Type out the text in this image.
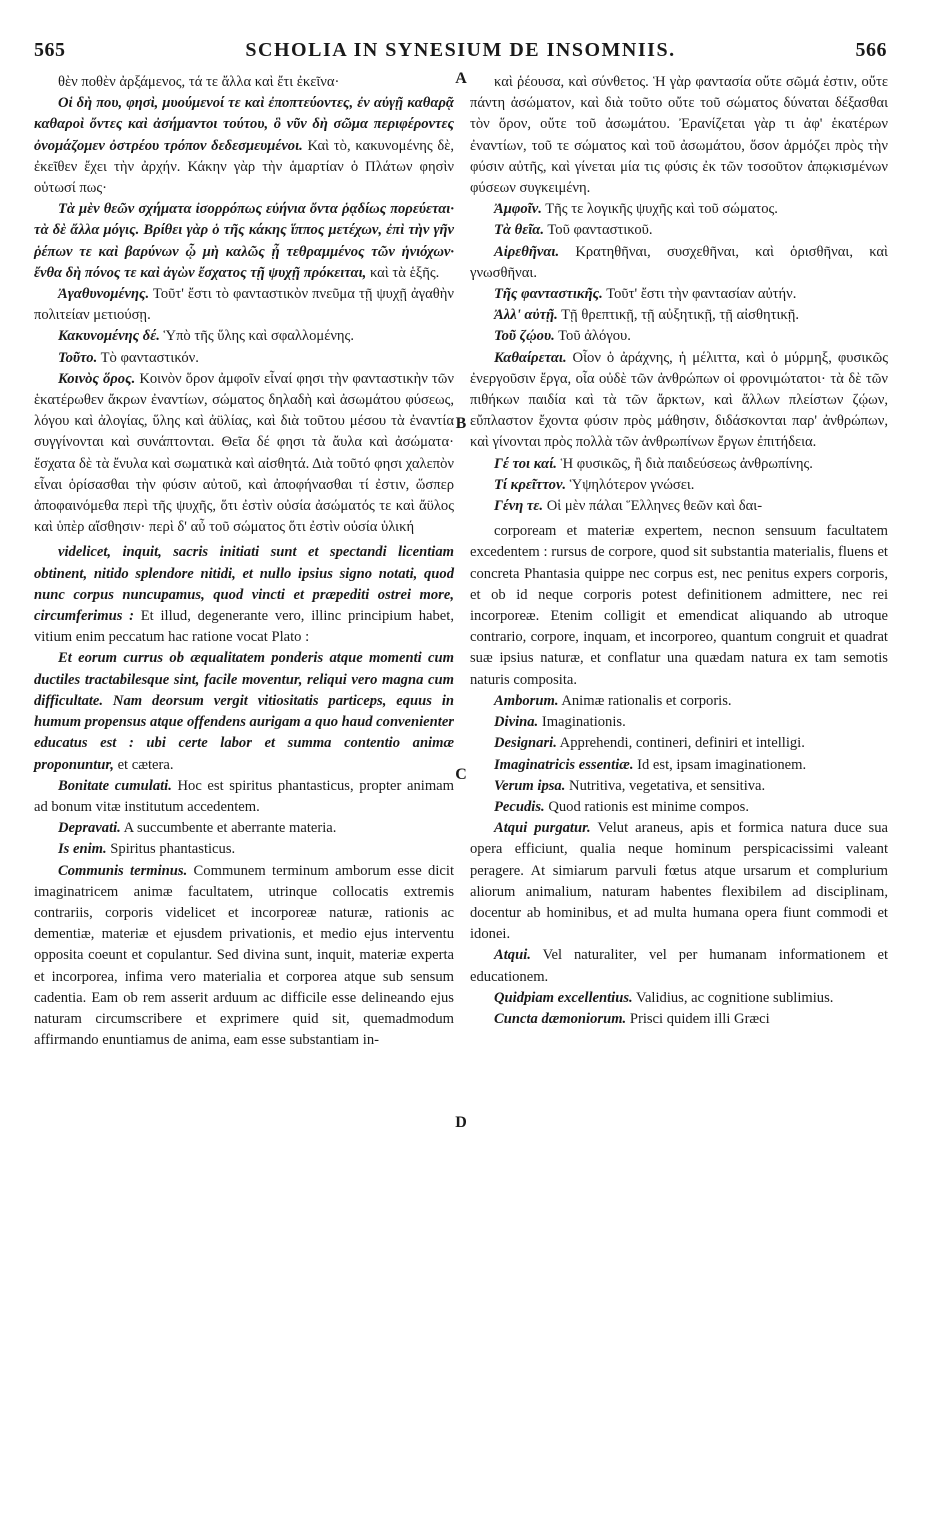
565	SCHOLIA IN SYNESIUM DE INSOMNIIS.	566
A
B
C
D

θὲν ποθὲν ἀρξάμενος, τά τε ἄλλα καὶ ἔτι ἐκεῖνα·

Οἱ δὴ που, φησὶ, μυούμενοί τε καὶ ἐποπτεύοντες, ἐν αὐγῇ καθαρᾷ καθαροὶ ὄντες καὶ ἀσήμαντοι τούτου, ὃ νῦν δὴ σῶμα περιφέροντες ὀνομάζομεν ὀστρέου τρόπον δεδεσμευμένοι. Καὶ τὸ, κακυνομένης δὲ, ἐκεῖθεν ἔχει τὴν ἀρχήν. Κάκην γὰρ τὴν ἁμαρτίαν ὁ Πλάτων φησὶν οὑτωσί πως·

Τὰ μὲν θεῶν σχήματα ἰσορρόπως εὐήνια ὄντα ῥᾳδίως πορεύεται· τὰ δὲ ἄλλα μόγις. Βρίθει γὰρ ὁ τῆς κάκης ἵππος μετέχων, ἐπὶ τὴν γῆν ῥέπων τε καὶ βαρύνων ᾧ μὴ καλῶς ᾖ τεθραμμένος τῶν ἡνιόχων· ἔνθα δὴ πόνος τε καὶ ἀγὼν ἔσχατος τῇ ψυχῇ πρόκειται, καὶ τὰ ἑξῆς.

Ἀγαθυνομένης. Τοῦτ' ἔστι τὸ φανταστικὸν πνεῦμα τῇ ψυχῇ ἀγαθὴν πολιτείαν μετιούσῃ.

Κακυνομένης δέ. Ὑπὸ τῆς ὕλης καὶ σφαλλομένης.

Τοῦτο. Τὸ φανταστικόν.

Κοινὸς ὅρος. Κοινὸν ὅρον ἀμφοῖν εἶναί φησι τὴν φανταστικὴν τῶν ἑκατέρωθεν ἄκρων ἐναντίων, σώματος δηλαδὴ καὶ ἀσωμάτου φύσεως, λόγου καὶ ἀλογίας, ὕλης καὶ ἀϋλίας, καὶ διὰ τοῦτου μέσου τὰ ἐναντία συγγίνονται καὶ συνάπτονται. Θεῖα δέ φησι τὰ ἄυλα καὶ ἀσώματα· ἔσχατα δὲ τὰ ἔνυλα καὶ σωματικὰ καὶ αἰσθητά. Διὰ τοῦτό φησι χαλεπὸν εἶναι ὁρίσασθαι τὴν φύσιν αὐτοῦ, καὶ ἀποφήνασθαι τί ἐστιν, ὥσπερ ἀποφαινόμεθα περὶ τῆς ψυχῆς, ὅτι ἐστὶν οὐσία ἀσώματός τε καὶ ἄϋλος καὶ ὑπὲρ αἴσθησιν· περὶ δ' αὖ τοῦ σώματος ὅτι ἐστὶν οὐσία ὑλική

videlicet, inquit, sacris initiati sunt et spectandi licentiam obtinent, nitido splendore nitidi, et nullo ipsius signo notati, quod nunc corpus nuncupamus, quod vincti et præpediti ostrei more, circumferimus : Et illud, degenerante vero, illinc principium habet, vitium enim peccatum hac ratione vocat Plato :

Et eorum currus ob æqualitatem ponderis atque momenti cum ductiles tractabilesque sint, facile moventur, reliqui vero magna cum difficultate. Nam deorsum vergit vitiositatis particeps, equus in humum propensus atque offendens aurigam a quo haud convenienter educatus est : ubi certe labor et summa contentio animæ proponuntur, et cætera.

Bonitate cumulati. Hoc est spiritus phantasticus, propter animam ad bonum vitæ institutum accedentem.

Depravati. A succumbente et aberrante materia.

Is enim. Spiritus phantasticus.

Communis terminus. Communem terminum amborum esse dicit imaginatricem animæ facultatem, utrinque collocatis extremis contrariis, corporis videlicet et incorporeæ naturæ, rationis ac dementiæ, materiæ et ejusdem privationis, et medio ejus interventu opposita coeunt et copulantur. Sed divina sunt, inquit, materiæ experta et incorporea, infima vero materialia et corporea atque sub sensum cadentia. Eam ob rem asserit arduum ac difficile esse delineando ejus naturam circumscribere et exprimere quid sit, quemadmodum affirmando enuntiamus de anima, eam esse substantiam in-

καὶ ῥέουσα, καὶ σύνθετος. Ἡ γὰρ φαντασία οὔτε σῶμά ἐστιν, οὔτε πάντη ἀσώματον, καὶ διὰ τοῦτο οὔτε τοῦ σώματος δύναται δέξασθαι τὸν ὅρον, οὔτε τοῦ ἀσωμάτου. Ἐρανίζεται γὰρ τι ἀφ' ἑκατέρων ἐναντίων, τοῦ τε σώματος καὶ τοῦ ἀσωμάτου, ὅσον ἁρμόζει πρὸς τὴν φύσιν αὐτῆς, καὶ γίνεται μία τις φύσις ἐκ τῶν τοσοῦτον ἀπῳκισμένων φύσεων συγκειμένη.

Ἀμφοῖν. Τῆς τε λογικῆς ψυχῆς καὶ τοῦ σώματος.

Τὰ θεῖα. Τοῦ φανταστικοῦ.

Αἱρεθῆναι. Κρατηθῆναι, συσχεθῆναι, καὶ ὁρισθῆναι, καὶ γνωσθῆναι.

Τῆς φανταστικῆς. Τοῦτ' ἔστι τὴν φαντασίαν αὐτήν.

Ἀλλ' αὐτῇ. Τῇ θρεπτικῇ, τῇ αὐξητικῇ, τῇ αἰσθητικῇ.

Τοῦ ζῴου. Τοῦ ἀλόγου.

Καθαίρεται. Οἷον ὁ ἀράχνης, ἡ μέλιττα, καὶ ὁ μύρμηξ, φυσικῶς ἐνεργοῦσιν ἔργα, οἷα οὐδὲ τῶν ἀνθρώπων οἱ φρονιμώτατοι· τὰ δὲ τῶν πιθήκων παιδία καὶ τὰ τῶν ἄρκτων, καὶ ἄλλων πλείστων ζῴων, εὔπλαστον ἔχοντα φύσιν πρὸς μάθησιν, διδάσκονται παρ' ἀνθρώπων, καὶ γίνονται πρὸς πολλὰ τῶν ἀνθρωπίνων ἔργων ἐπιτήδεια.

Γέ τοι καί. Ἡ φυσικῶς, ἢ διὰ παιδεύσεως ἀνθρωπίνης.

Τί κρεῖττον. Ὑψηλότερον γνώσει.

Γένη τε. Οἱ μὲν πάλαι Ἕλληνες θεῶν καὶ δαι-

corpoream et materiæ expertem, necnon sensuum facultatem excedentem : rursus de corpore, quod sit substantia materialis, fluens et concreta Phantasia quippe nec corpus est, nec penitus expers corporis, et ob id neque corporis potest definitionem admittere, nec rei incorporeæ. Etenim colligit et emendicat aliquando ab utroque contrario, corpore, inquam, et incorporeo, quantum congruit et quadrat suæ ipsius naturæ, et conflatur una quædam natura ex tam semotis naturis composita.

Amborum. Animæ rationalis et corporis.

Divina. Imaginationis.

Designari. Apprehendi, contineri, definiri et intelligi.

Imaginatricis essentiæ. Id est, ipsam imaginationem.

Verum ipsa. Nutritiva, vegetativa, et sensitiva.

Pecudis. Quod rationis est minime compos.

Atqui purgatur. Velut araneus, apis et formica natura duce sua opera efficiunt, qualia neque hominum perspicacissimi valeant peragere. At simiarum parvuli fœtus atque ursarum et complurium aliorum animalium, naturam habentes flexibilem ad disciplinam, docentur ab hominibus, et ad multa humana opera fiunt commodi et idonei.

Atqui. Vel naturaliter, vel per humanam informationem et educationem.

Quidpiam excellentius. Validius, ac cognitione sublimius.

Cuncta dæmoniorum. Prisci quidem illi Græci
